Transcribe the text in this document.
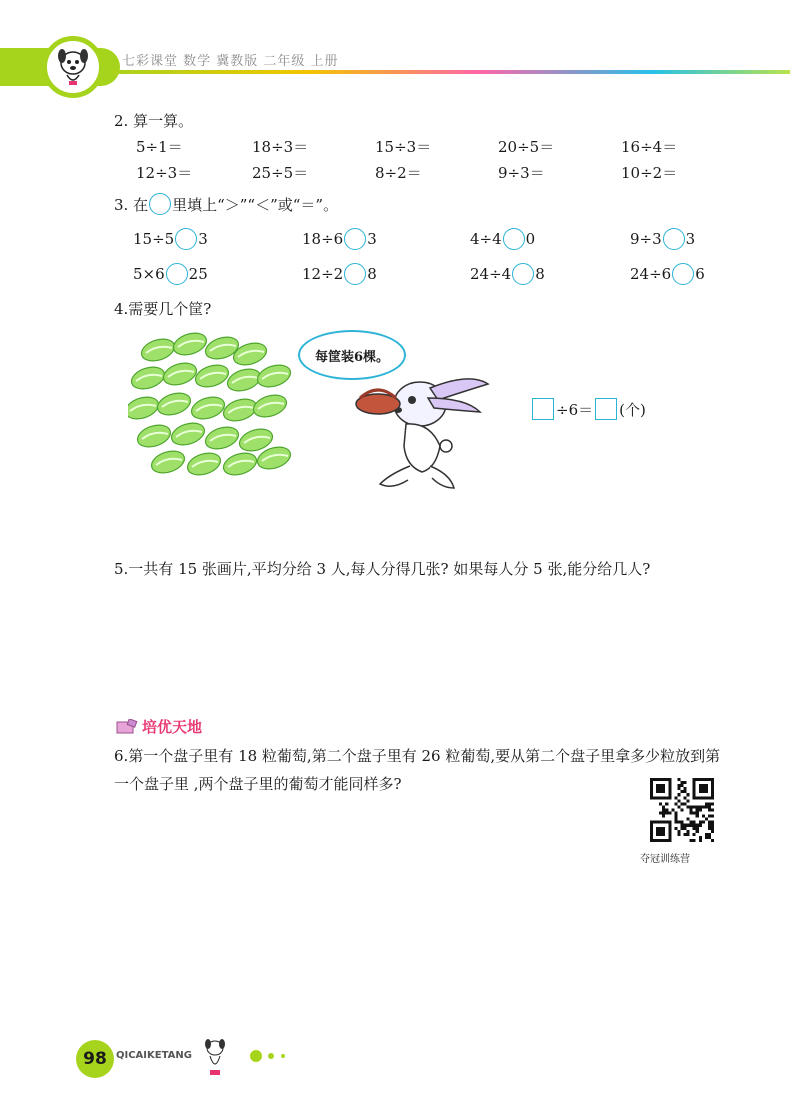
七彩课堂 数学 冀教版 二年级 上册
2. 算一算。
5÷1＝	18÷3＝	15÷3＝	20÷5＝	16÷4＝
12÷3＝	25÷5＝	8÷2＝	9÷3＝	10÷2＝
3. 在 里填上“＞”“＜”或“＝”。
15÷5 3	18÷6 3	4÷4 0	9÷3 3
5×6 25	12÷2 8	24÷4 8	24÷6 6
4.需要几个筐?
每筐装6棵。
÷6＝ (个)
5.一共有 15 张画片,平均分给 3 人,每人分得几张? 如果每人分 5 张,能分给几人?
培优天地
6.第一个盘子里有 18 粒葡萄,第二个盘子里有 26 粒葡萄,要从第二个盘子里拿多少粒放到第一个盘子里 ,两个盘子里的葡萄才能同样多?
夺冠训练营
98 QICAIKETANG
